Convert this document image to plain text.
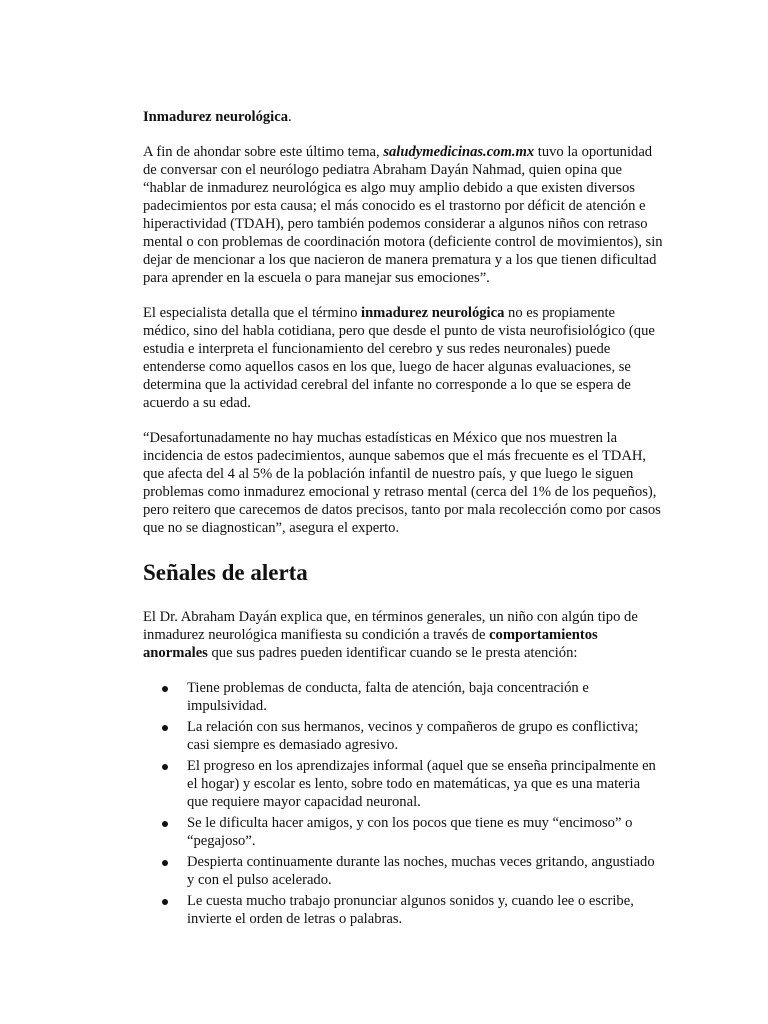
Inmadurez neurológica.

A fin de ahondar sobre este último tema, saludymedicinas.com.mx tuvo la oportunidad de conversar con el neurólogo pediatra Abraham Dayán Nahmad, quien opina que “hablar de inmadurez neurológica es algo muy amplio debido a que existen diversos padecimientos por esta causa; el más conocido es el trastorno por déficit de atención e hiperactividad (TDAH), pero también podemos considerar a algunos niños con retraso mental o con problemas de coordinación motora (deficiente control de movimientos), sin dejar de mencionar a los que nacieron de manera prematura y a los que tienen dificultad para aprender en la escuela o para manejar sus emociones”.

El especialista detalla que el término inmadurez neurológica no es propiamente médico, sino del habla cotidiana, pero que desde el punto de vista neurofisiológico (que estudia e interpreta el funcionamiento del cerebro y sus redes neuronales) puede entenderse como aquellos casos en los que, luego de hacer algunas evaluaciones, se determina que la actividad cerebral del infante no corresponde a lo que se espera de acuerdo a su edad.

“Desafortunadamente no hay muchas estadísticas en México que nos muestren la incidencia de estos padecimientos, aunque sabemos que el más frecuente es el TDAH, que afecta del 4 al 5% de la población infantil de nuestro país, y que luego le siguen problemas como inmadurez emocional y retraso mental (cerca del 1% de los pequeños), pero reitero que carecemos de datos precisos, tanto por mala recolección como por casos que no se diagnostican”, asegura el experto.

Señales de alerta

El Dr. Abraham Dayán explica que, en términos generales, un niño con algún tipo de inmadurez neurológica manifiesta su condición a través de comportamientos anormales que sus padres pueden identificar cuando se le presta atención:

Tiene problemas de conducta, falta de atención, baja concentración e impulsividad.
La relación con sus hermanos, vecinos y compañeros de grupo es conflictiva; casi siempre es demasiado agresivo.
El progreso en los aprendizajes informal (aquel que se enseña principalmente en el hogar) y escolar es lento, sobre todo en matemáticas, ya que es una materia que requiere mayor capacidad neuronal.
Se le dificulta hacer amigos, y con los pocos que tiene es muy “encimoso” o “pegajoso”.
Despierta continuamente durante las noches, muchas veces gritando, angustiado y con el pulso acelerado.
Le cuesta mucho trabajo pronunciar algunos sonidos y, cuando lee o escribe, invierte el orden de letras o palabras.
